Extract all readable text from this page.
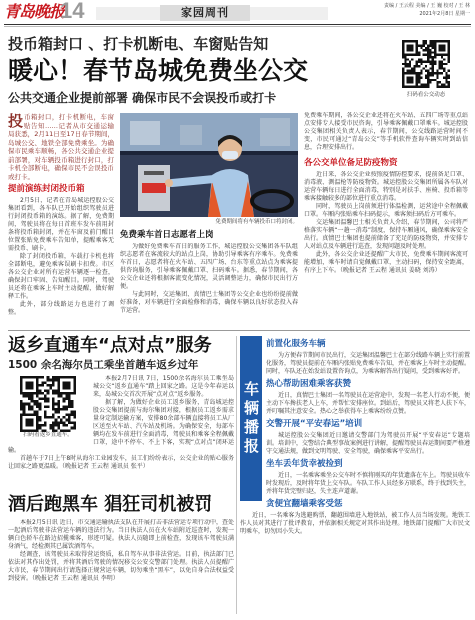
青岛晚报
14	家园周刊	责编 / 王云程 美编 / 王 巍 校对 / 王 林
2021年2月8日 星期一
投币箱封口 、打卡机断电、车窗贴告知
暖心！春节岛城免费坐公交
公共交通企业提前部署 确保市民不会误投币或打卡	扫码看公交动态

投币箱封口，打卡机断电，车窗贴告知……记者从市交通运输局获悉，2月11日至17日春节期间，岛城公交、地铁全部免费乘坐。为确保市民乘车顺畅，各公共交通企业提前部署，对车辆投币箱进行封口，打卡机全部断电，确保市民不会误投币或打卡。

提前演练封闭投币箱

2月5日，记者在青岛城运控股公交集团看到，各车队已开始组织驾驶员进行封闭投币箱的演练。据了解，免费期间，驾驶员将在每日首班车发车前用封条将投币箱封闭，并在车窗及前门醒目位置张贴免费乘车告知单，提醒乘客无需投币、刷卡。

除了封闭投币箱，车载打卡机也将全部断电，避免乘客误刷卡扣费。市区各公交企业对所有运营车辆逐一检查，确保封口牢固、告知醒目。同时，驾驶员还将在乘客上车时主动提醒，做好解释工作。

此外，部分线路运力也进行了调整。

免费期间将有车辆投币口将封闭。
免费乘车首日志愿者上岗

为做好免费乘车首日的服务工作，城运控股公交集团各车队组织志愿者在客流较大的站点上岗，协助引导乘客有序乘车。免费乘车首日，志愿者将在火车站、五四广场、台东等重点站点为乘客提供咨询服务，引导乘客佩戴口罩、扫码乘车。据悉，春节期间，各公交企业还将根据客流变化情况，灵活调整运力，确保市民出行方便。

与此同时，交运集团、真情巴士集团等公交企业也纷纷提前做好准备，对车辆进行全面检修和消毒，确保车辆以良好状态投入春节运营。

免费乘车期间，各公交企业还将在火车站、五四广场等重点站点安排专人接受市民咨询，引导乘客佩戴口罩乘车。城运控股公交集团相关负责人表示，春节期间，公交线路运营时间不变，市民可通过“青岛公交”等手机软件查询车辆实时到站信息，合理安排出行。

各公交单位备足防疫物资

近日来，各公交企业按照疫情防控要求，提前备足口罩、消毒液、测温枪等防疫物资。城运控股公交集团所属各车队对运营车辆每日进行全面消毒，特别是对扶手、座椅、投币箱等乘客接触较多的部位进行重点消毒。

同时，驾驶员上岗前须进行体温检测，运营途中全程佩戴口罩。车厢内张贴乘车扫码提示，乘客须扫码后方可乘车。

交运集团温馨巴士相关负责人介绍，春节期间，公司将严格落实车辆“一趟一消毒”制度，保持车厢通风，确保乘客安全出行。真情巴士集团也提前储备了充足的防疫物资，并安排专人对站点及车辆进行巡查，发现问题及时处理。

此外，各公交企业还提醒广大市民，免费乘车期间客流可能增加，乘车时请自觉佩戴口罩，主动扫码，保持安全距离，有序上下车。（晚报记者 王云程 通讯员 姜晓 刘涛）

返乡直通车“点对点”服务
1500 余名海尔员工乘坐首趟车返乡过年
扫码看返乡直通车。

本报2月7日讯 7日，1500余名海尔员工乘坐岛城公交“返乡直通车”踏上回家之路。这是今年春运以来，岛城公交首次开展“点对点”返乡服务。

据了解，为做好企业员工返乡服务，青岛城运控股公交集团提前与海尔集团对接，根据员工返乡需求量身定制运输方案，安排80余部车辆直接将员工从厂区送至火车站、汽车站及机场。为确保安全，每部车辆均在发车前进行全面消毒，驾驶员和乘客全程佩戴口罩，途中不停车、不上下客，实现“点对点”闭环运输。

首趟车于7日上午8时从海尔工业园发车，员工们纷纷表示，公交企业的贴心服务让回家之路更温暖。（晚报记者 王云程 通讯员 张平）

酒后跑黑车 猖狂司机被罚

本报2月5日讯 近日，市交通运输执法支队在开展打击非法营运专项行动中，查处一起酒后驾驶非法营运车辆的违法行为。当日执法人员在火车站附近巡查时，发现一辆白色轿车在路边招揽乘客，形迹可疑。执法人员随即上前检查，发现该车驾驶员满身酒气，经检测其已属饮酒驾车。

经调查，该驾驶员未取得营运资质，私自驾车从事非法营运。目前，执法部门已依法对其作出处罚，并将其酒后驾驶的情况移交公安交警部门处理。执法人员提醒广大市民，春节期间出行请选择正规营运车辆，切勿乘坐“黑车”，以免自身合法权益受到侵害。（晚报记者 王云程 通讯员 李明）

车辆播报
前置化服务车辆

为方便春节期间市民出行，交运集团温馨巴士在部分线路车辆上实行前置化服务，驾驶员提前在车厢内张贴免费乘车告知，并在乘客上车时主动提醒。同时，车队还在始发站设置咨询点，为乘客解答出行疑问，受到乘客好评。

热心帮助困难乘客获赞

近日，真情巴士集团一名驾驶员在运营途中，发现一名老人行动不便，便主动下车搀扶老人上车，并帮忙安排座位。到站后，驾驶员又将老人扶下车，并叮嘱其注意安全。热心之举获得车上乘客纷纷点赞。

交警开展“平安春运”培训

城运控股公交集团近日邀请交警部门为驾驶员开展“平安春运”专题培训。培训中，交警结合典型事故案例进行讲解，提醒驾驶员春运期间要严格遵守交通法规，做到文明驾驶、安全驾驶，确保乘客平安出行。

坐车丢年货幸被捡到

近日，一名乘客乘坐公交车时不慎将刚买的年货遗落在车上。驾驶员收车时发现后，及时将年货上交车队。车队工作人员经多方联系，终于找到失主，并将年货完璧归赵，失主连声道谢。

贪便宜翻墙乘客受惩

近日，一名乘客为逃避购票，翻越围墙进入地铁站，被工作人员当场发现。地铁工作人员对其进行了批评教育，并依据相关规定对其作出处理。地铁部门提醒广大市民文明乘车，切勿因小失大。
